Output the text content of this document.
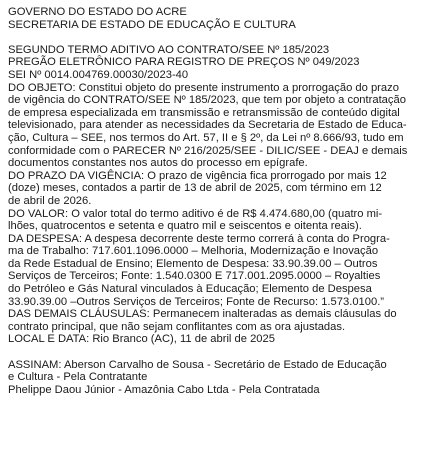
GOVERNO DO ESTADO DO ACRE
SECRETARIA DE ESTADO DE EDUCAÇÃO E CULTURA
SEGUNDO TERMO ADITIVO AO CONTRATO/SEE Nº 185/2023
PREGÃO ELETRÔNICO PARA REGISTRO DE PREÇOS Nº 049/2023
SEI Nº 0014.004769.00030/2023-40
DO OBJETO: Constitui objeto do presente instrumento a prorrogação do prazo
de vigência do CONTRATO/SEE Nº 185/2023, que tem por objeto a contratação
de empresa especializada em transmissão e retransmissão de conteúdo digital
televisionado, para atender as necessidades da Secretaria de Estado de Educa-
ção, Cultura – SEE, nos termos do Art. 57, II e § 2º, da Lei nº 8.666/93, tudo em
conformidade com o PARECER Nº 216/2025/SEE - DILIC/SEE - DEAJ e demais
documentos constantes nos autos do processo em epígrafe.
DO PRAZO DA VIGÊNCIA: O prazo de vigência fica prorrogado por mais 12
(doze) meses, contados a partir de 13 de abril de 2025, com término em 12
de abril de 2026.
DO VALOR: O valor total do termo aditivo é de R$ 4.474.680,00 (quatro mi-
lhões, quatrocentos e setenta e quatro mil e seiscentos e oitenta reais).
DA DESPESA: A despesa decorrente deste termo correrá à conta do Progra-
ma de Trabalho: 717.601.1096.0000 – Melhoria, Modernização e Inovação
da Rede Estadual de Ensino; Elemento de Despesa: 33.90.39.00 – Outros
Serviços de Terceiros; Fonte: 1.540.0300 E 717.001.2095.0000 – Royalties
do Petróleo e Gás Natural vinculados à Educação; Elemento de Despesa
33.90.39.00 –Outros Serviços de Terceiros; Fonte de Recurso: 1.573.0100.”
DAS DEMAIS CLÁUSULAS: Permanecem inalteradas as demais cláusulas do
contrato principal, que não sejam conflitantes com as ora ajustadas.
LOCAL E DATA: Rio Branco (AC), 11 de abril de 2025
ASSINAM: Aberson Carvalho de Sousa - Secretário de Estado de Educação
e Cultura - Pela Contratante
Phelippe Daou Júnior - Amazônia Cabo Ltda - Pela Contratada
